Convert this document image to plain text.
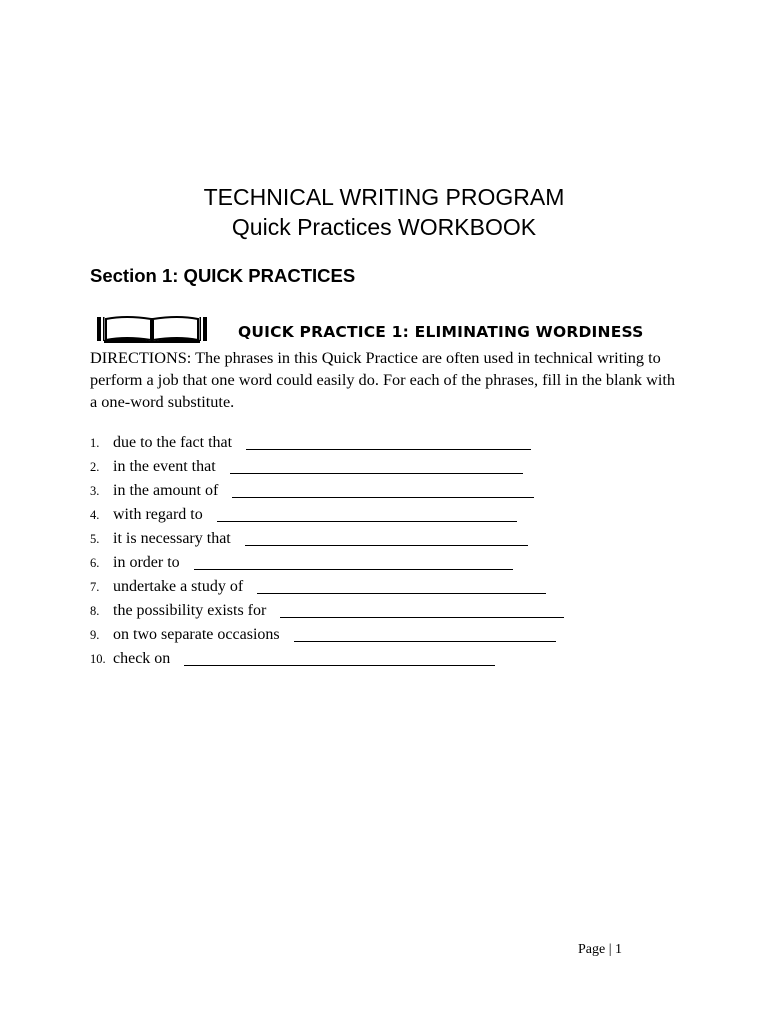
TECHNICAL WRITING PROGRAM
Quick Practices WORKBOOK
Section 1: QUICK PRACTICES
QUICK PRACTICE 1: ELIMINATING WORDINESS

DIRECTIONS: The phrases in this Quick Practice are often used in technical writing to perform a job that one word could easily do. For each of the phrases, fill in the blank with a one-word substitute.

1. due to the fact that
2. in the event that
3. in the amount of
4. with regard to
5. it is necessary that
6. in order to
7. undertake a study of
8. the possibility exists for
9. on two separate occasions
10. check on

Page | 1
